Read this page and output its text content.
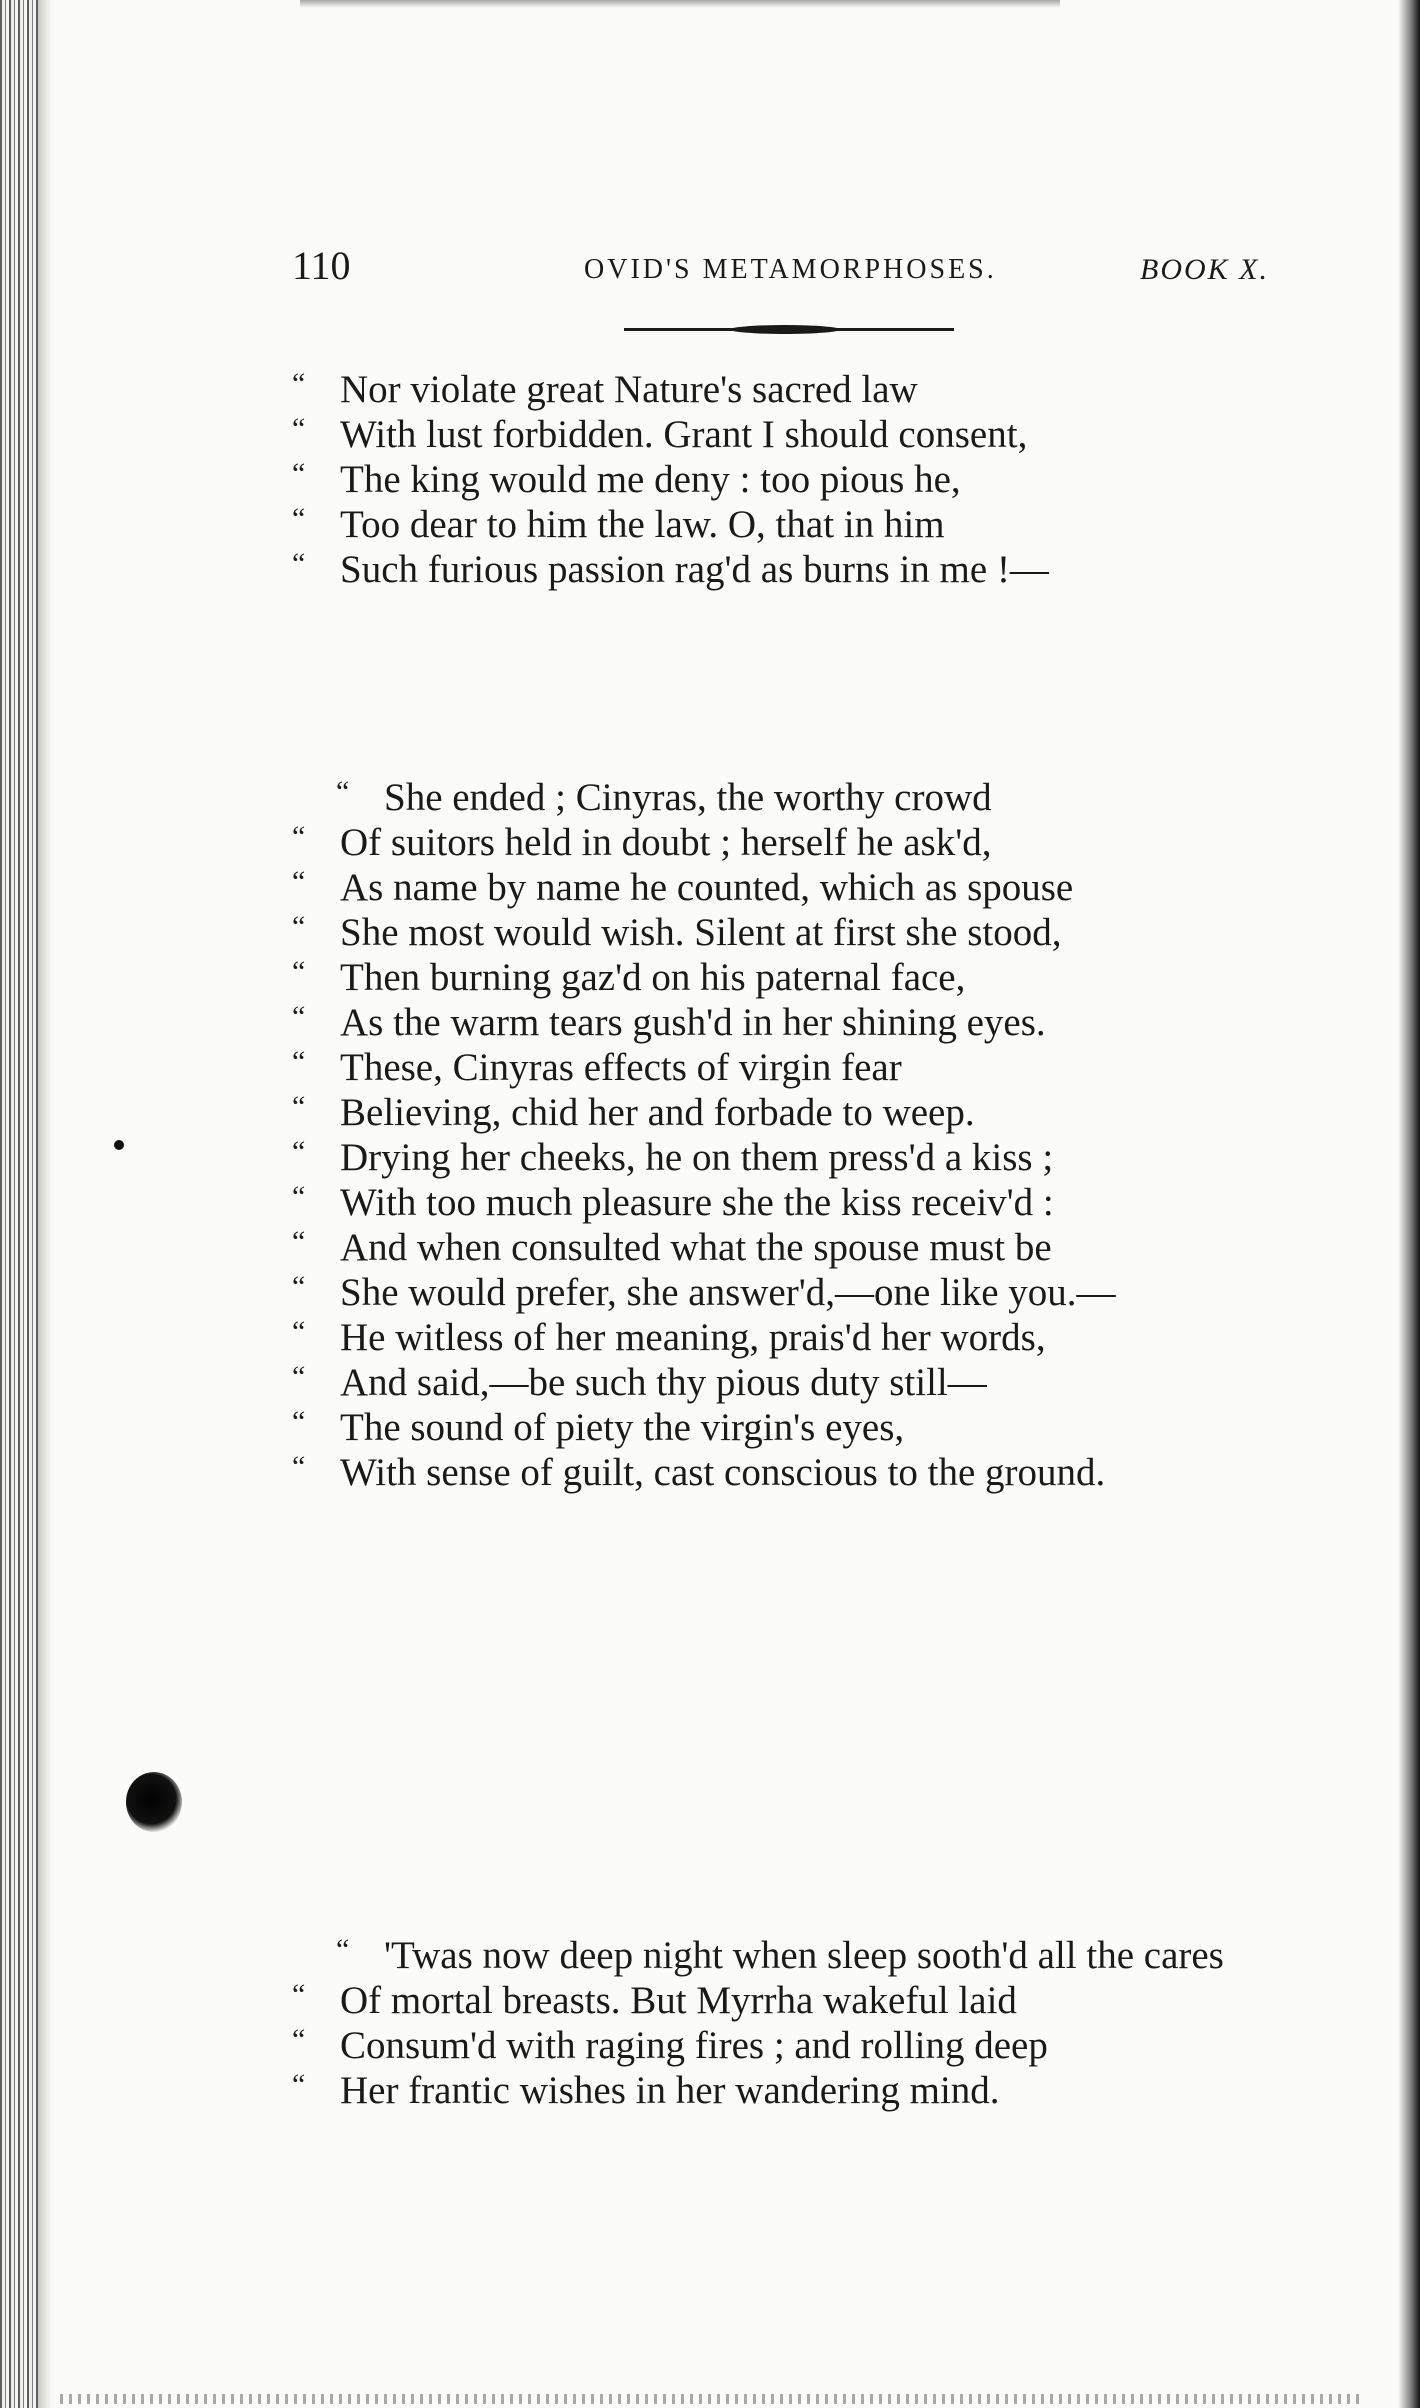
110	OVID'S METAMORPHOSES.	BOOK X.
“ Nor violate great Nature's sacred law
“ With lust forbidden. Grant I should consent,
“ The king would me deny : too pious he,
“ Too dear to him the law. O, that in him
“ Such furious passion rag'd as burns in me !—
“ She ended ; Cinyras, the worthy crowd
“ Of suitors held in doubt ; herself he ask'd,
“ As name by name he counted, which as spouse
“ She most would wish. Silent at first she stood,
“ Then burning gaz'd on his paternal face,
“ As the warm tears gush'd in her shining eyes.
“ These, Cinyras effects of virgin fear
“ Believing, chid her and forbade to weep.
“ Drying her cheeks, he on them press'd a kiss ;
“ With too much pleasure she the kiss receiv'd :
“ And when consulted what the spouse must be
“ She would prefer, she answer'd,—one like you.—
“ He witless of her meaning, prais'd her words,
“ And said,—be such thy pious duty still—
“ The sound of piety the virgin's eyes,
“ With sense of guilt, cast conscious to the ground.
“ 'Twas now deep night when sleep sooth'd all the cares
“ Of mortal breasts. But Myrrha wakeful laid
“ Consum'd with raging fires ; and rolling deep
“ Her frantic wishes in her wandering mind.
